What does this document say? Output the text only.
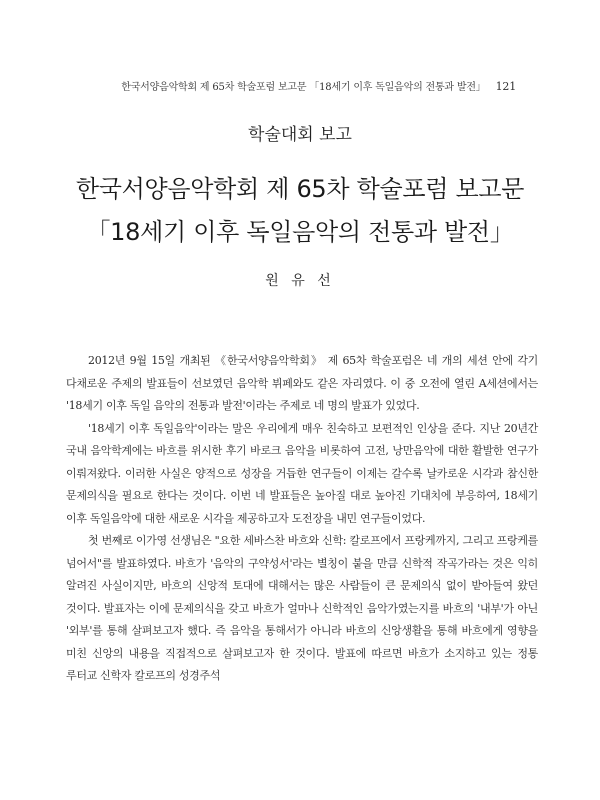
한국서양음악학회 제 65차 학술포럼 보고문 「18세기 이후 독일음악의 전통과 발전」 121
학술대회 보고
한국서양음악학회 제 65차 학술포럼 보고문
「18세기 이후 독일음악의 전통과 발전」
원 유 선

2012년 9월 15일 개최된 《한국서양음악학회》 제 65차 학술포럼은 네 개의 세션 안에 각기 다채로운 주제의 발표들이 선보였던 음악학 뷔페와도 같은 자리였다. 이 중 오전에 열린 A세션에서는 '18세기 이후 독일 음악의 전통과 발전'이라는 주제로 네 명의 발표가 있었다.

'18세기 이후 독일음악'이라는 말은 우리에게 매우 친숙하고 보편적인 인상을 준다. 지난 20년간 국내 음악학계에는 바흐를 위시한 후기 바로크 음악을 비롯하여 고전, 낭만음악에 대한 활발한 연구가 이뤄져왔다. 이러한 사실은 양적으로 성장을 거듭한 연구들이 이제는 갈수록 날카로운 시각과 참신한 문제의식을 필요로 한다는 것이다. 이번 네 발표들은 높아질 대로 높아진 기대치에 부응하여, 18세기 이후 독일음악에 대한 새로운 시각을 제공하고자 도전장을 내민 연구들이었다.

첫 번째로 이가영 선생님은 "요한 세바스찬 바흐와 신학: 칼로프에서 프랑케까지, 그리고 프랑케를 넘어서"를 발표하였다. 바흐가 '음악의 구약성서'라는 별칭이 붙을 만큼 신학적 작곡가라는 것은 익히 알려진 사실이지만, 바흐의 신앙적 토대에 대해서는 많은 사람들이 큰 문제의식 없이 받아들여 왔던 것이다. 발표자는 이에 문제의식을 갖고 바흐가 얼마나 신학적인 음악가였는지를 바흐의 '내부'가 아닌 '외부'를 통해 살펴보고자 했다. 즉 음악을 통해서가 아니라 바흐의 신앙생활을 통해 바흐에게 영향을 미친 신앙의 내용을 직접적으로 살펴보고자 한 것이다. 발표에 따르면 바흐가 소지하고 있는 정통 루터교 신학자 칼로프의 성경주석
